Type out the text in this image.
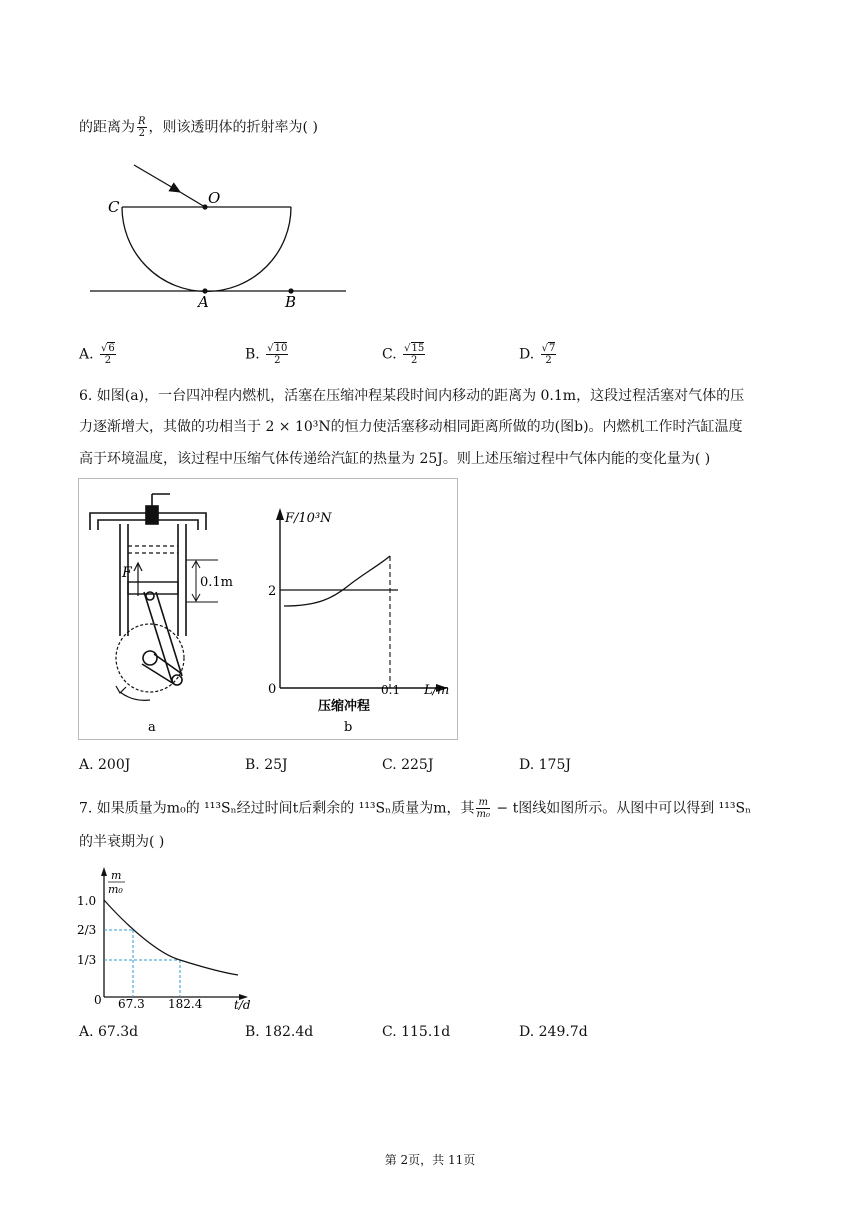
的距离为 $\frac{R}{2}$ ，则该透明体的折射率为( )
C	O
A	B
A. $\frac{√6}{2}$	B. $\frac{√10}{2}$	C. $\frac{√15}{2}$	D. $\frac{√7}{2}$
6. 如图(a)，一台四冲程内燃机，活塞在压缩冲程某段时间内移动的距离为 0.1m，这段过程活塞对气体的压
力逐渐增大，其做的功相当于 2 × 10³N的恒力使活塞移动相同距离所做的功(图b)。内燃机工作时汽缸温度
高于环境温度，该过程中压缩气体传递给汽缸的热量为 25J。则上述压缩过程中气体内能的变化量为( )
F
0.1m
a
F/10³N
2
0	0.1 L/m
压缩冲程
b
A. 200J	B. 25J	C. 225J	D. 175J
7. 如果质量为m₀的 ¹¹³Sₙ经过时间t后剩余的 ¹¹³Sₙ质量为m，其 $\frac{m}{\text{m₀}} - t$图线如图所示。从图中可以得到 ¹¹³Sₙ
的半衰期为( )
m
m₀
1.0
2/3
1/3
0 67.3 182.4	t/d
A. 67.3d	B. 182.4d	C. 115.1d	D. 249.7d
第 2页，共 11页
